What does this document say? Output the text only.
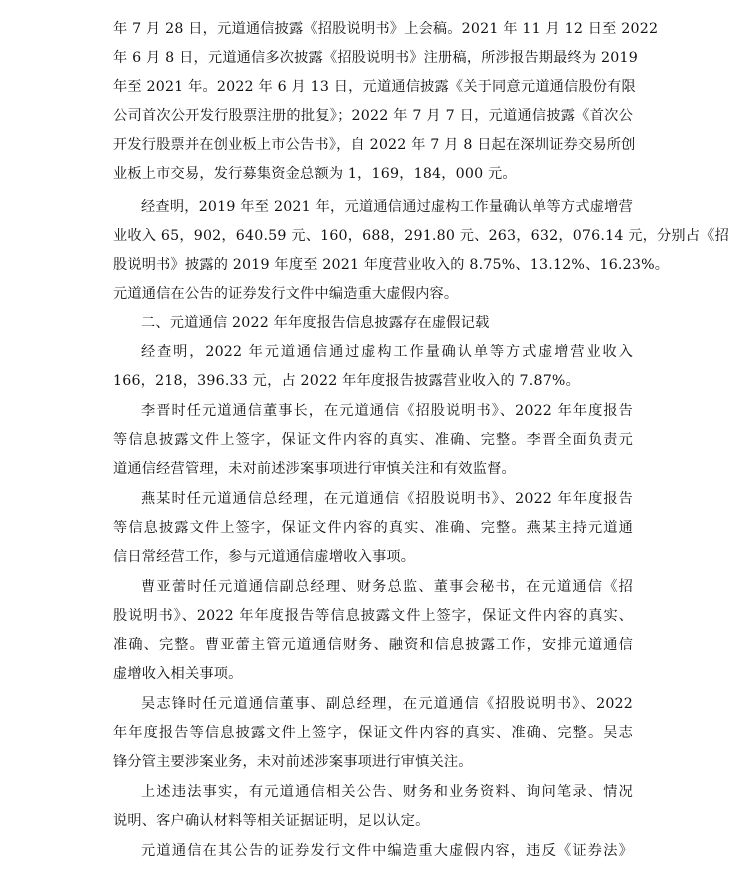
年 7 月 28 日，元道通信披露《招股说明书》上会稿。2021 年 11 月 12 日至 2022
年 6 月 8 日，元道通信多次披露《招股说明书》注册稿，所涉报告期最终为 2019
年至 2021 年。2022 年 6 月 13 日，元道通信披露《关于同意元道通信股份有限
公司首次公开发行股票注册的批复》；2022 年 7 月 7 日，元道通信披露《首次公
开发行股票并在创业板上市公告书》，自 2022 年 7 月 8 日起在深圳证券交易所创
业板上市交易，发行募集资金总额为 1，169，184，000 元。
经查明，2019 年至 2021 年，元道通信通过虚构工作量确认单等方式虚增营
业收入 65，902，640.59 元、160，688，291.80 元、263，632，076.14 元，分别占《招
股说明书》披露的 2019 年度至 2021 年度营业收入的 8.75%、13.12%、16.23%。
元道通信在公告的证券发行文件中编造重大虚假内容。
二、元道通信 2022 年年度报告信息披露存在虚假记载
经查明，2022 年元道通信通过虚构工作量确认单等方式虚增营业收入
166，218，396.33 元，占 2022 年年度报告披露营业收入的 7.87%。
李晋时任元道通信董事长，在元道通信《招股说明书》、2022 年年度报告
等信息披露文件上签字，保证文件内容的真实、准确、完整。李晋全面负责元
道通信经营管理，未对前述涉案事项进行审慎关注和有效监督。
燕某时任元道通信总经理，在元道通信《招股说明书》、2022 年年度报告
等信息披露文件上签字，保证文件内容的真实、准确、完整。燕某主持元道通
信日常经营工作，参与元道通信虚增收入事项。
曹亚蕾时任元道通信副总经理、财务总监、董事会秘书，在元道通信《招
股说明书》、2022 年年度报告等信息披露文件上签字，保证文件内容的真实、
准确、完整。曹亚蕾主管元道通信财务、融资和信息披露工作，安排元道通信
虚增收入相关事项。
吴志锋时任元道通信董事、副总经理，在元道通信《招股说明书》、2022
年年度报告等信息披露文件上签字，保证文件内容的真实、准确、完整。吴志
锋分管主要涉案业务，未对前述涉案事项进行审慎关注。
上述违法事实，有元道通信相关公告、财务和业务资料、询问笔录、情况
说明、客户确认材料等相关证据证明，足以认定。
元道通信在其公告的证券发行文件中编造重大虚假内容，违反《证券法》
